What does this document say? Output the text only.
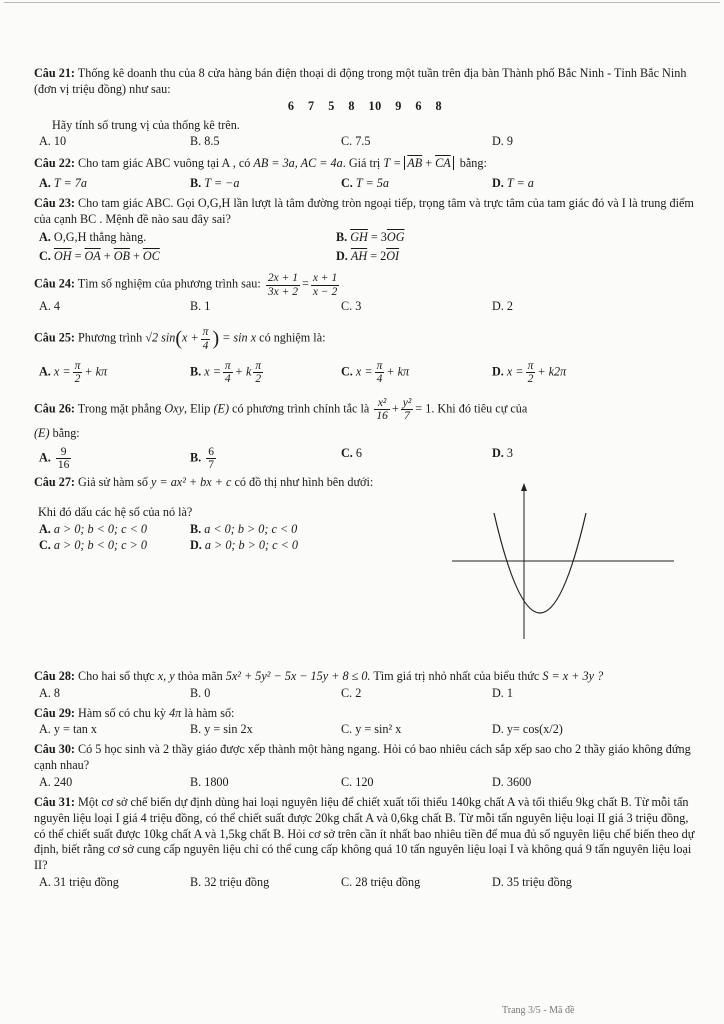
Câu 21: Thống kê doanh thu của 8 cửa hàng bán điện thoại di động trong một tuần trên địa bàn Thành phố Bắc Ninh - Tỉnh Bắc Ninh (đơn vị triệu đồng) như sau:

6 7 5 8 10 9 6 8

Hãy tính số trung vị của thống kê trên.

A. 10	B. 8.5	C. 7.5	D. 9

Câu 22: Cho tam giác ABC vuông tại A , có AB = 3a, AC = 4a. Giá trị $T = \overline{AB} + \overline{CA}$ bằng:

A. T = 7a	B. T = −a	C. T = 5a	D. T = a

Câu 23: Cho tam giác ABC. Gọi O,G,H lần lượt là tâm đường tròn ngoại tiếp, trọng tâm và trực tâm của tam giác đó và I là trung điểm của cạnh BC . Mệnh đề nào sau đây sai?

A. O,G,H thẳng hàng.	B. $\overline{GH} = 3\overline{OG}$
C. $\overline{OH} = \overline{OA} + \overline{OB} + \overline{OC}$	D. $\overline{AH} = 2\overline{OI}$

Câu 24: Tìm số nghiệm của phương trình sau: $\frac{2x + 1}{3x + 2} = \frac{x + 1}{x - 2}$

A. 4	B. 1	C. 3	D. 2

Câu 25: Phương trình √2 $\sin(x + \frac{\pi}{4}$ ) = sin x có nghiệm là:

A. $x = \frac{\pi}{2} + k\pi$	B. $x = \frac{\pi}{4} + k \frac{\pi}{2}$	C. $x = \frac{\pi}{4} + k\pi$	D. $x = \frac{\pi}{2} + k2\pi$

Câu 26: Trong mặt phẳng Oxy, Elip (E) có phương trình chính tắc là $\frac{\text{x²}}{16} + \frac{\text{y²}}{7} = 1$. Khi đó tiêu cự của

(E) bằng:

A. $\frac{9}{16}$	B. $\frac{6}{7}$	C. 6	D. 3

Câu 27: Giả sử hàm số y = ax² + bx + c có đồ thị như hình bên dưới:

Khi đó dấu các hệ số của nó là?

A. a > 0; b < 0; c < 0	B. a < 0; b > 0; c < 0
C. a > 0; b < 0; c > 0	D. a > 0; b > 0; c < 0

Câu 28: Cho hai số thực x, y thỏa mãn 5x² + 5y² − 5x − 15y + 8 ≤ 0. Tìm giá trị nhỏ nhất của biểu thức S = x + 3y ?

A. 8	B. 0	C. 2	D. 1

Câu 29: Hàm số có chu kỳ 4π là hàm số:

A. y = tan x	B. y = sin 2x	C. y = sin² x	D. y= cos(x/2)

Câu 30: Có 5 học sinh và 2 thầy giáo được xếp thành một hàng ngang. Hỏi có bao nhiêu cách sắp xếp sao cho 2 thầy giáo không đứng cạnh nhau?

A. 240	B. 1800	C. 120	D. 3600

Câu 31: Một cơ sở chế biến dự định dùng hai loại nguyên liệu để chiết xuất tối thiểu 140kg chất A và tối thiểu 9kg chất B. Từ mỗi tấn nguyên liệu loại I giá 4 triệu đồng, có thể chiết suất được 20kg chất A và 0,6kg chất B. Từ mỗi tấn nguyên liệu loại II giá 3 triệu đồng, có thể chiết suất được 10kg chất A và 1,5kg chất B. Hỏi cơ sở trên cần ít nhất bao nhiêu tiền để mua đủ số nguyên liệu chế biến theo dự định, biết rằng cơ sở cung cấp nguyên liệu chỉ có thể cung cấp không quá 10 tấn nguyên liệu loại I và không quá 9 tấn nguyên liệu loại II?

A. 31 triệu đồng	B. 32 triệu đồng	C. 28 triệu đồng	D. 35 triệu đồng
Trang 3/5 - Mã đề
